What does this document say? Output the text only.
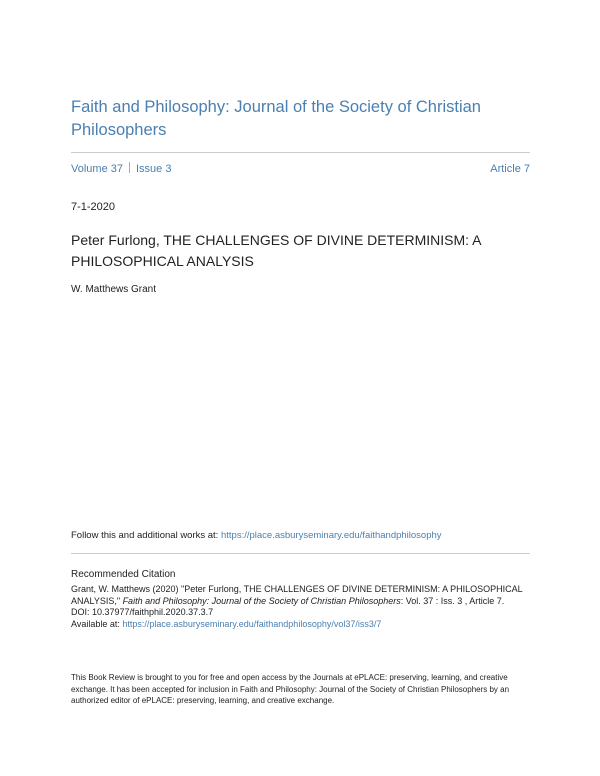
Faith and Philosophy: Journal of the Society of Christian Philosophers
Volume 37 Issue 3	Article 7
7-1-2020
Peter Furlong, THE CHALLENGES OF DIVINE DETERMINISM: A PHILOSOPHICAL ANALYSIS
W. Matthews Grant
Follow this and additional works at: https://place.asburyseminary.edu/faithandphilosophy
Recommended Citation
Grant, W. Matthews (2020) "Peter Furlong, THE CHALLENGES OF DIVINE DETERMINISM: A PHILOSOPHICAL ANALYSIS," Faith and Philosophy: Journal of the Society of Christian Philosophers: Vol. 37 : Iss. 3 , Article 7.
DOI: 10.37977/faithphil.2020.37.3.7
Available at: https://place.asburyseminary.edu/faithandphilosophy/vol37/iss3/7
This Book Review is brought to you for free and open access by the Journals at ePLACE: preserving, learning, and creative exchange. It has been accepted for inclusion in Faith and Philosophy: Journal of the Society of Christian Philosophers by an authorized editor of ePLACE: preserving, learning, and creative exchange.
